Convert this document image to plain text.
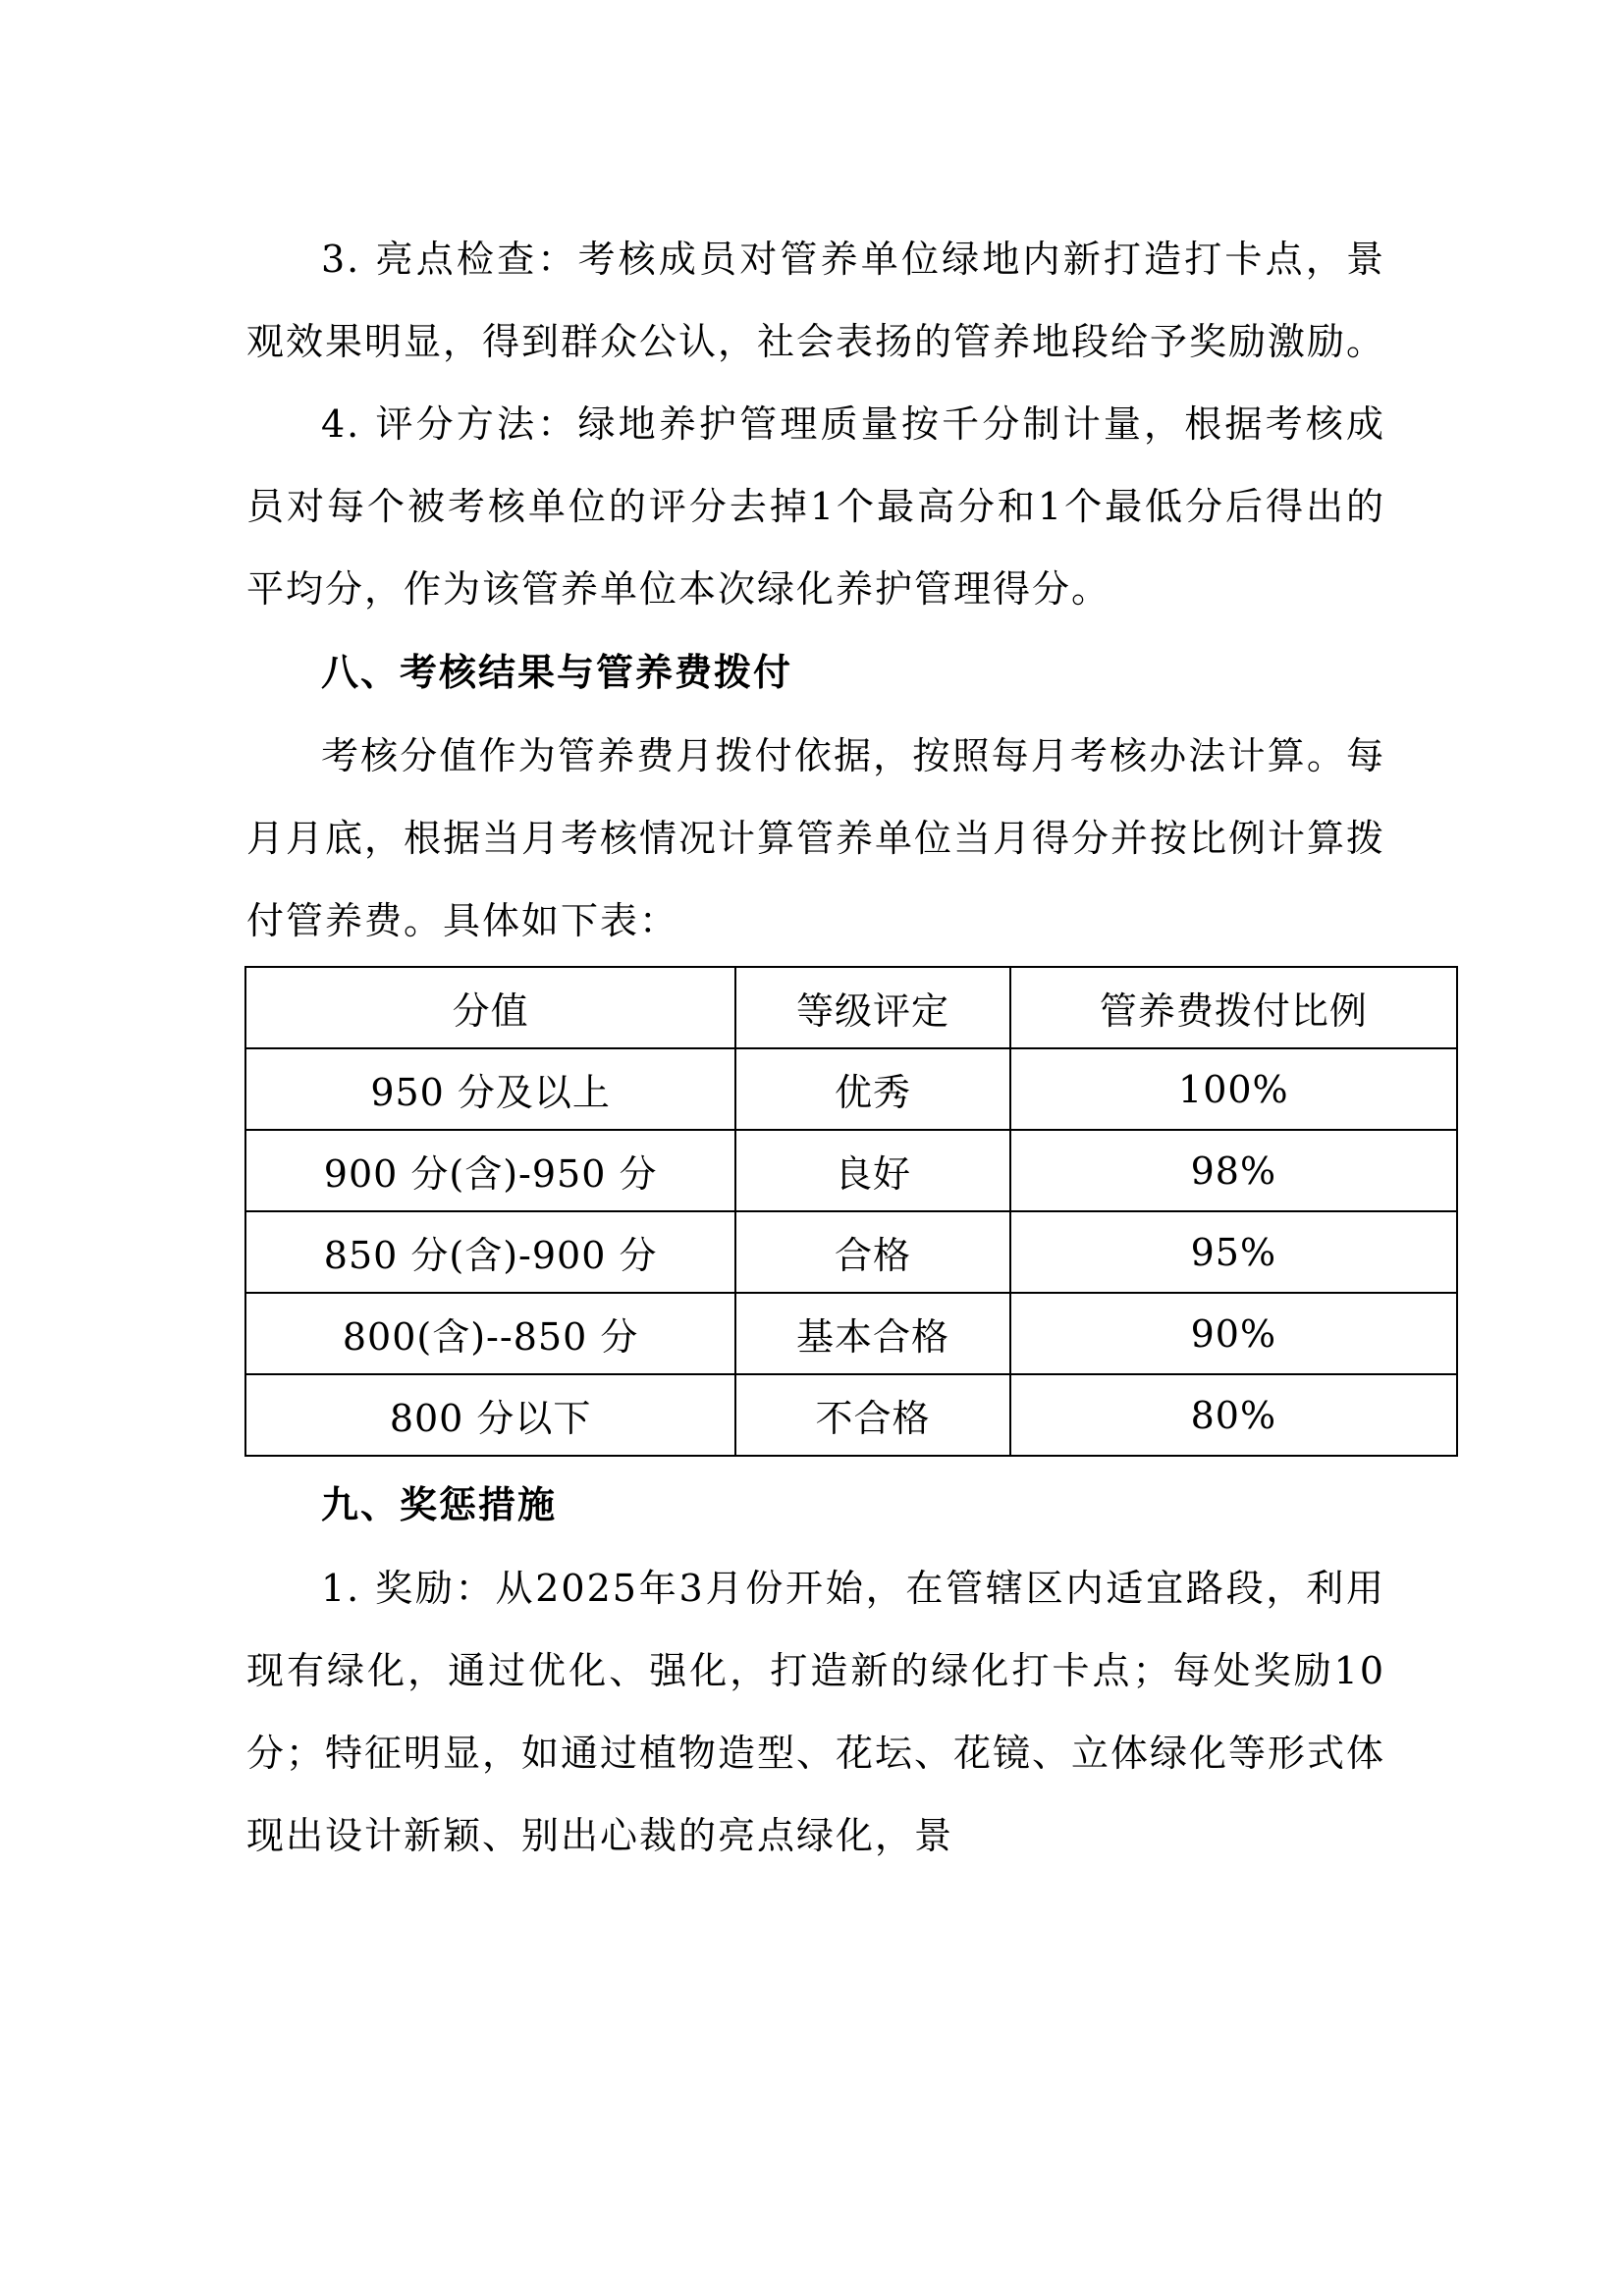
3. 亮点检查：考核成员对管养单位绿地内新打造打卡点，景观效果明显，得到群众公认，社会表扬的管养地段给予奖励激励。

4. 评分方法：绿地养护管理质量按千分制计量，根据考核成员对每个被考核单位的评分去掉1个最高分和1个最低分后得出的平均分，作为该管养单位本次绿化养护管理得分。

八、考核结果与管养费拨付

考核分值作为管养费月拨付依据，按照每月考核办法计算。每月月底，根据当月考核情况计算管养单位当月得分并按比例计算拨付管养费。具体如下表：

分值	等级评定	管养费拨付比例
950 分及以上	优秀	100%
900 分(含)-950 分	良好	98%
850 分(含)-900 分	合格	95%
800(含)--850 分	基本合格	90%
800 分以下	不合格	80%
九、奖惩措施

1. 奖励：从2025年3月份开始，在管辖区内适宜路段，利用现有绿化，通过优化、强化，打造新的绿化打卡点；每处奖励10分；特征明显，如通过植物造型、花坛、花镜、立体绿化等形式体现出设计新颖、别出心裁的亮点绿化，景
